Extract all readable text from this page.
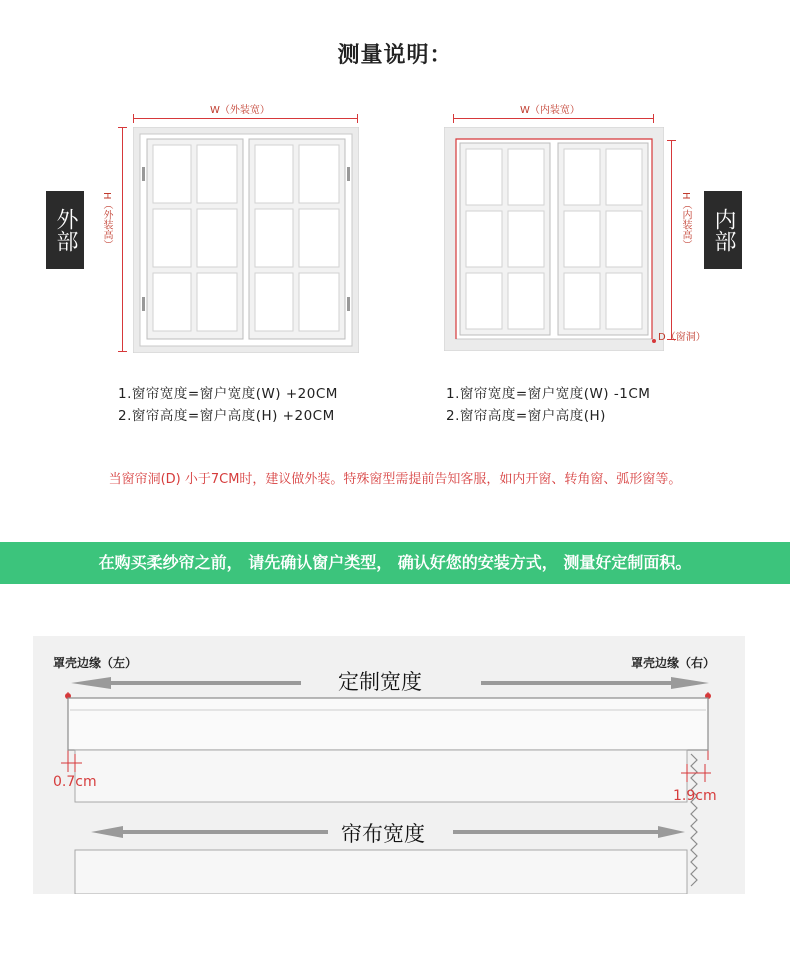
测量说明：
W（外装宽）
H（外装高）
外部
W（内装宽）
H（内装高）
D（窗洞）
内部
1.窗帘宽度=窗户宽度(W) +20CM
2.窗帘高度=窗户高度(H) +20CM
1.窗帘宽度=窗户宽度(W) -1CM
2.窗帘高度=窗户高度(H)
当窗帘洞(D) 小于7CM时，建议做外装。特殊窗型需提前告知客服，如内开窗、转角窗、弧形窗等。
在购买柔纱帘之前， 请先确认窗户类型， 确认好您的安装方式， 测量好定制面积。
罩壳边缘（左）	罩壳边缘（右）
定制宽度
帘布宽度
0.7cm
1.9cm
